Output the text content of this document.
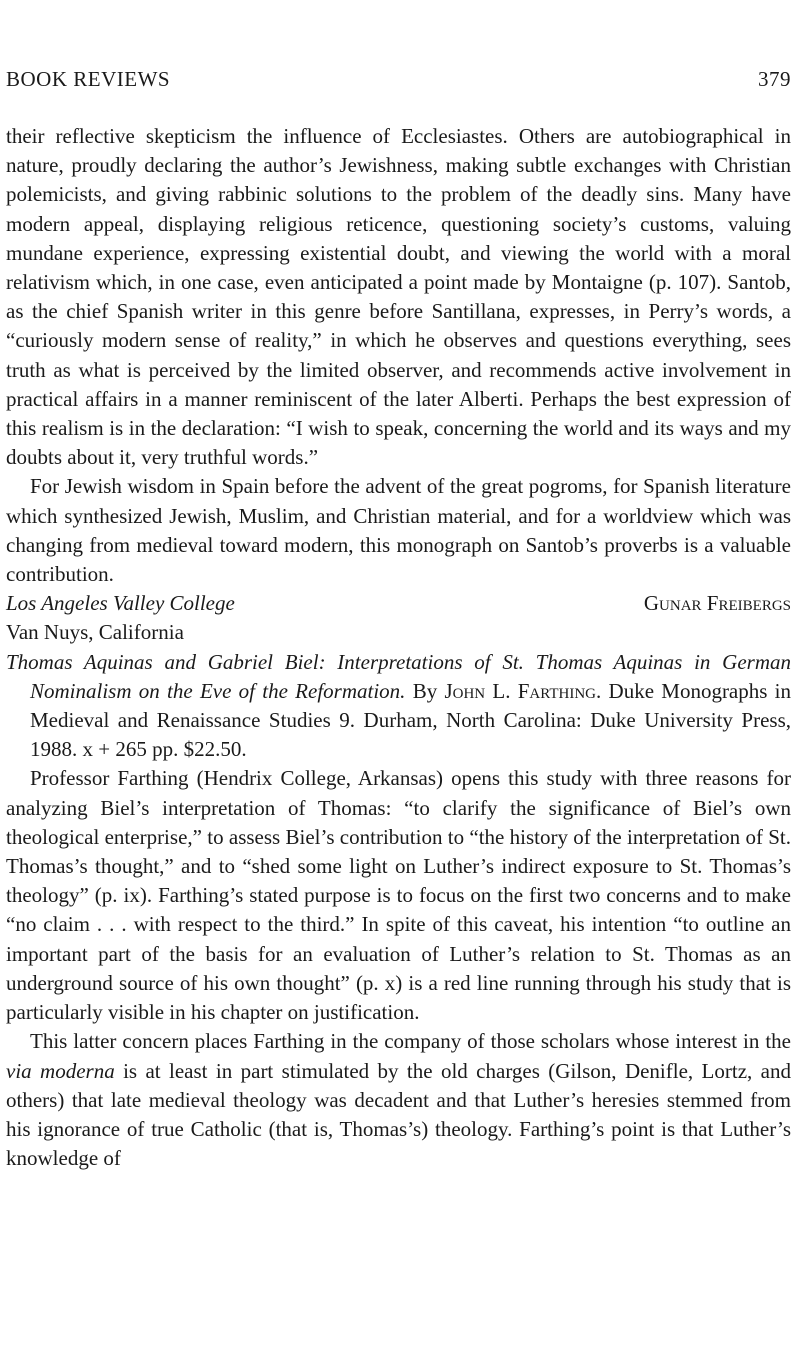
BOOK REVIEWS	379

their reflective skepticism the influence of Ecclesiastes. Others are autobiographical in nature, proudly declaring the author’s Jewishness, making subtle exchanges with Christian polemicists, and giving rabbinic solutions to the problem of the deadly sins. Many have modern appeal, displaying religious reticence, questioning society’s customs, valuing mundane experience, expressing existential doubt, and viewing the world with a moral relativism which, in one case, even anticipated a point made by Montaigne (p. 107). Santob, as the chief Spanish writer in this genre before Santillana, expresses, in Perry’s words, a “curiously modern sense of reality,” in which he observes and questions everything, sees truth as what is perceived by the limited observer, and recommends active involvement in practical affairs in a manner reminiscent of the later Alberti. Perhaps the best expression of this realism is in the declaration: “I wish to speak, concerning the world and its ways and my doubts about it, very truthful words.”

For Jewish wisdom in Spain before the advent of the great pogroms, for Spanish literature which synthesized Jewish, Muslim, and Christian material, and for a worldview which was changing from medieval toward modern, this monograph on Santob’s proverbs is a valuable contribution.

Los Angeles Valley College	Gunar Freibergs

Van Nuys, California

Thomas Aquinas and Gabriel Biel: Interpretations of St. Thomas Aquinas in German Nominalism on the Eve of the Reformation. By John L. Farthing. Duke Monographs in Medieval and Renaissance Studies 9. Durham, North Carolina: Duke University Press, 1988. x + 265 pp. $22.50.

Professor Farthing (Hendrix College, Arkansas) opens this study with three reasons for analyzing Biel’s interpretation of Thomas: “to clarify the significance of Biel’s own theological enterprise,” to assess Biel’s contribution to “the history of the interpretation of St. Thomas’s thought,” and to “shed some light on Luther’s indirect exposure to St. Thomas’s theology” (p. ix). Farthing’s stated purpose is to focus on the first two concerns and to make “no claim . . . with respect to the third.” In spite of this caveat, his intention “to outline an important part of the basis for an evaluation of Luther’s relation to St. Thomas as an underground source of his own thought” (p. x) is a red line running through his study that is particularly visible in his chapter on justification.

This latter concern places Farthing in the company of those scholars whose interest in the via moderna is at least in part stimulated by the old charges (Gilson, Denifle, Lortz, and others) that late medieval theology was decadent and that Luther’s heresies stemmed from his ignorance of true Catholic (that is, Thomas’s) theology. Farthing’s point is that Luther’s knowledge of
